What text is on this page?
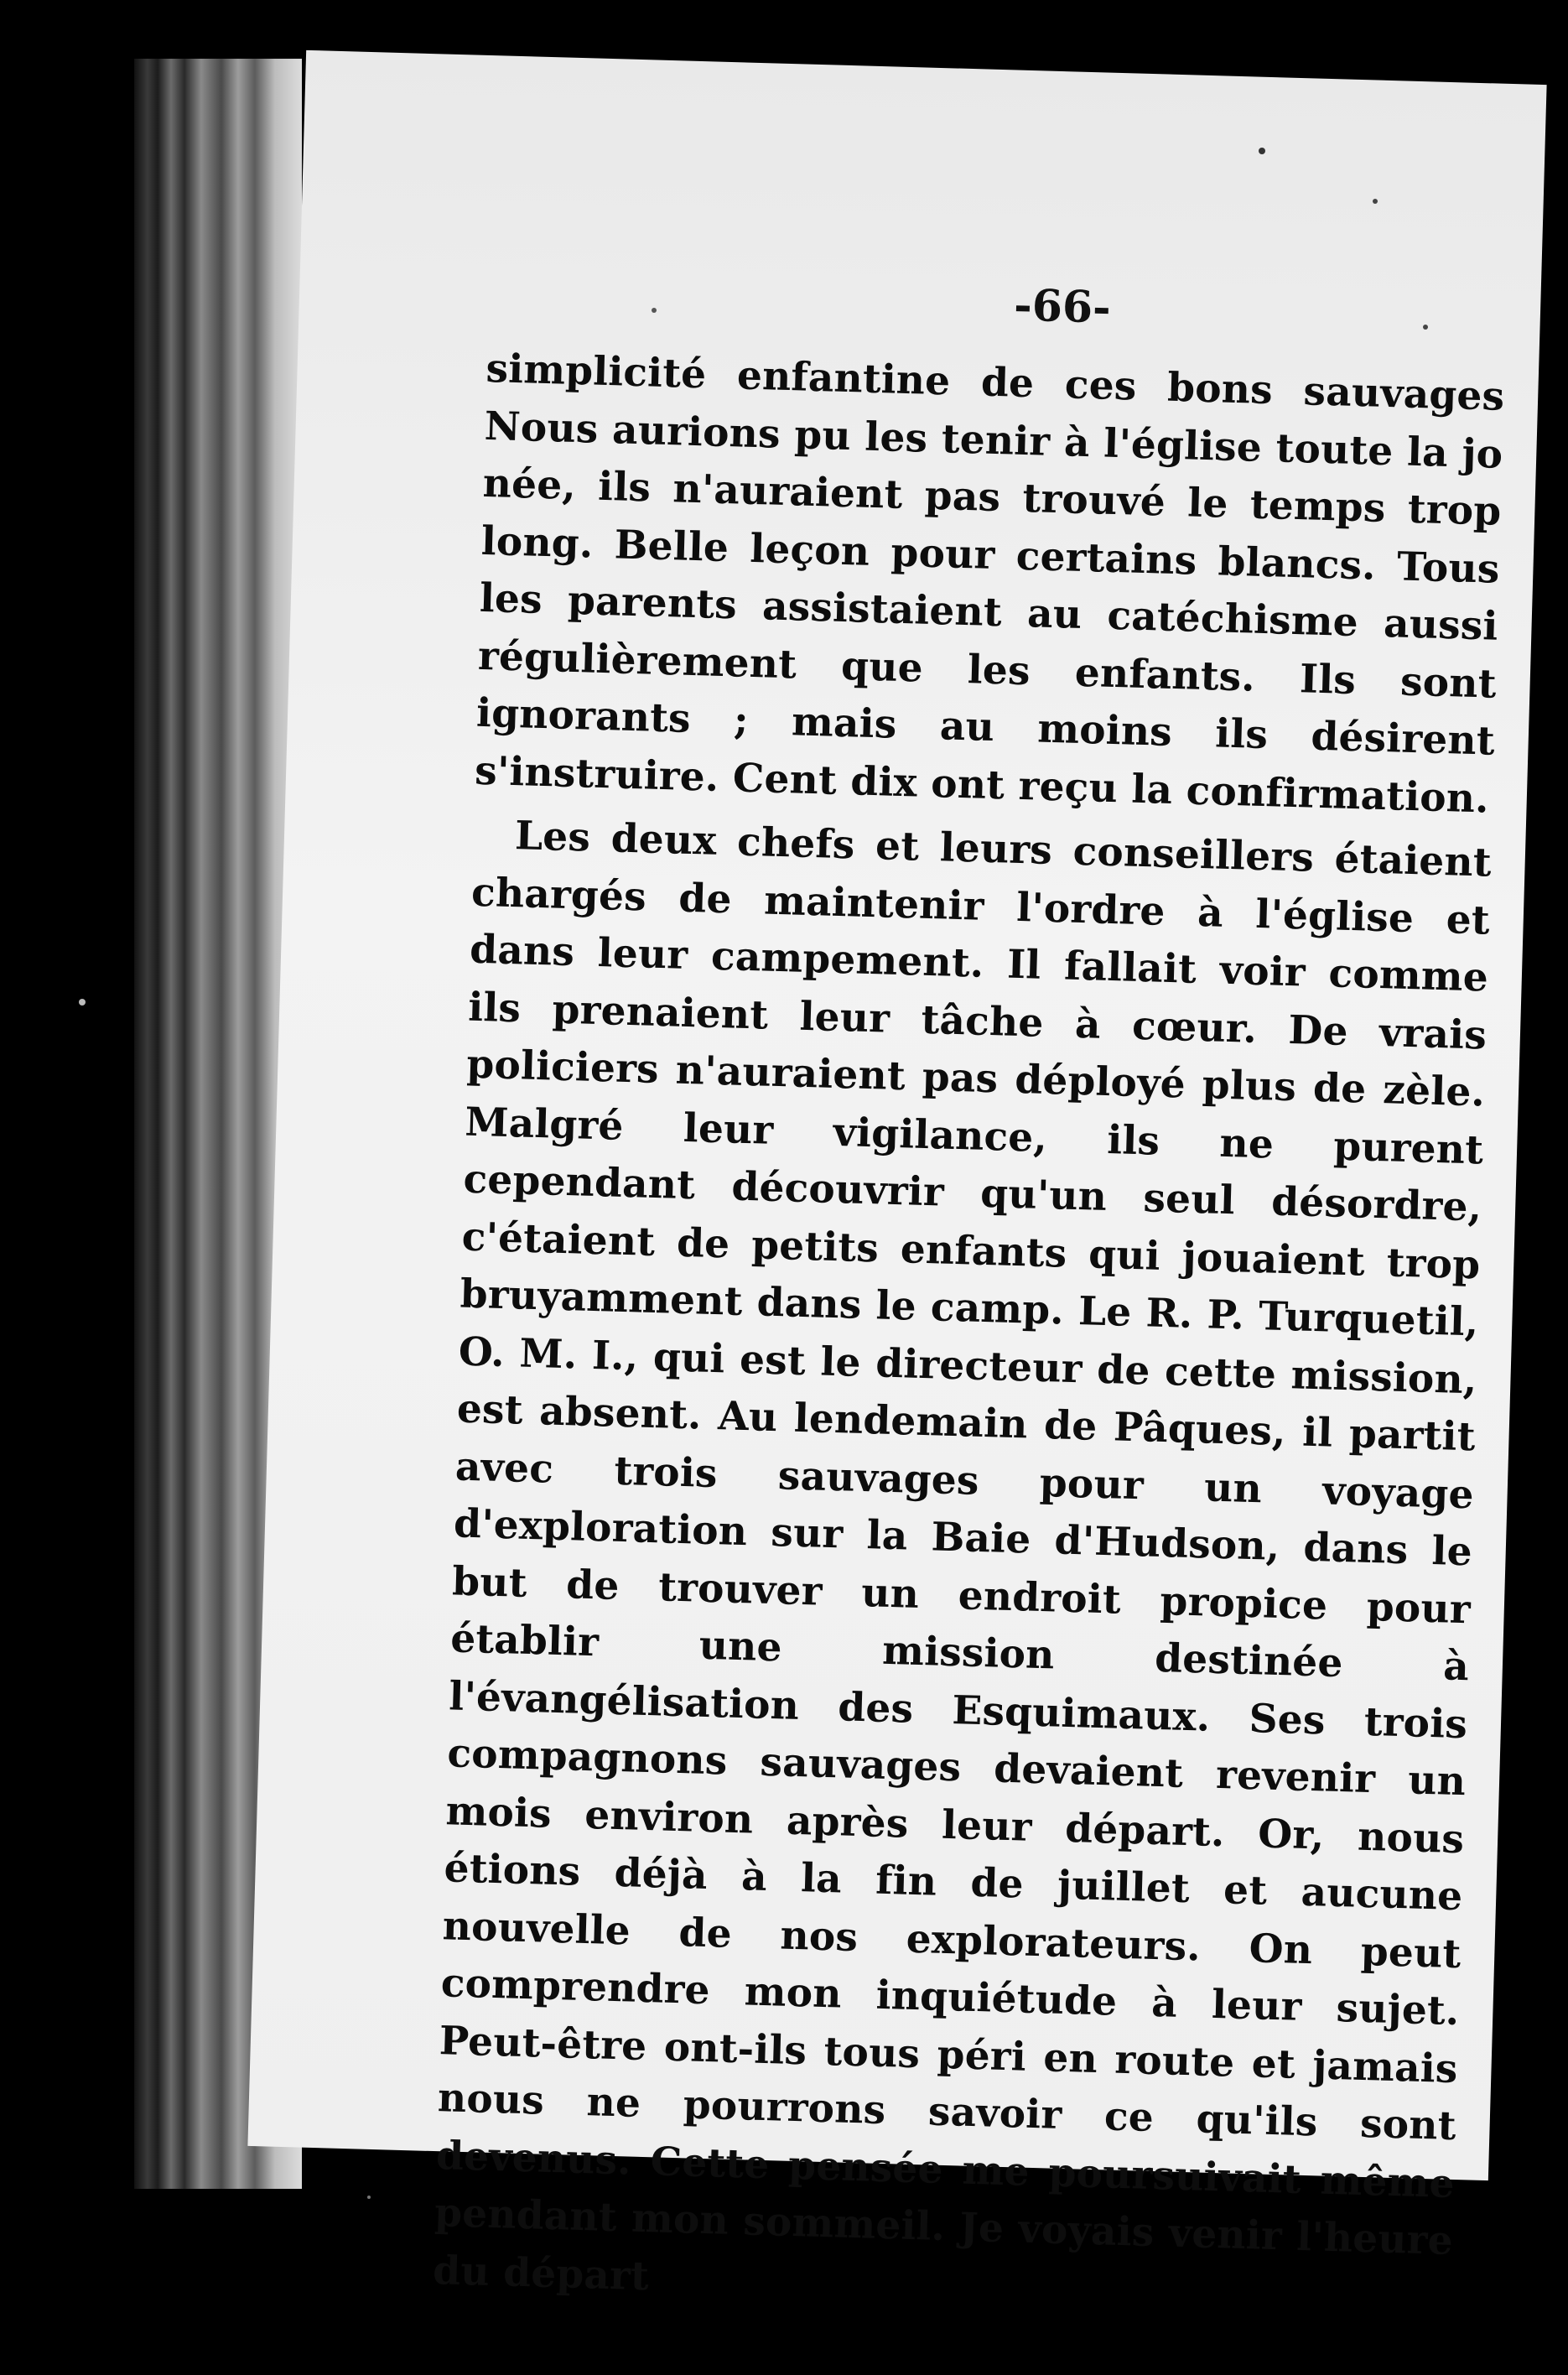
-66-

simplicité enfantine de ces bons sauvages Nous aurions pu les tenir à l'église toute la jo née, ils n'auraient pas trouvé le temps trop long. Belle leçon pour certains blancs. Tous les parents assistaient au catéchisme aussi régulièrement que les enfants. Ils sont ignorants ; mais au moins ils désirent s'instruire. Cent dix ont reçu la confirmation.

Les deux chefs et leurs conseillers étaient chargés de maintenir l'ordre à l'église et dans leur campement. Il fallait voir comme ils prenaient leur tâche à cœur. De vrais policiers n'auraient pas déployé plus de zèle. Malgré leur vigilance, ils ne purent cependant découvrir qu'un seul désordre, c'étaient de petits enfants qui jouaient trop bruyamment dans le camp. Le R. P. Turquetil, O. M. I., qui est le directeur de cette mission, est absent. Au lendemain de Pâques, il partit avec trois sauvages pour un voyage d'exploration sur la Baie d'Hudson, dans le but de trouver un endroit propice pour établir une mission destinée à l'évangélisation des Esquimaux. Ses trois compagnons sauvages devaient revenir un mois environ après leur départ. Or, nous étions déjà à la fin de juillet et aucune nouvelle de nos explorateurs. On peut comprendre mon inquiétude à leur sujet. Peut-être ont-ils tous péri en route et jamais nous ne pourrons savoir ce qu'ils sont devenus. Cette pensée me poursuivait même pendant mon sommeil. Je voyais venir l'heure du départ
